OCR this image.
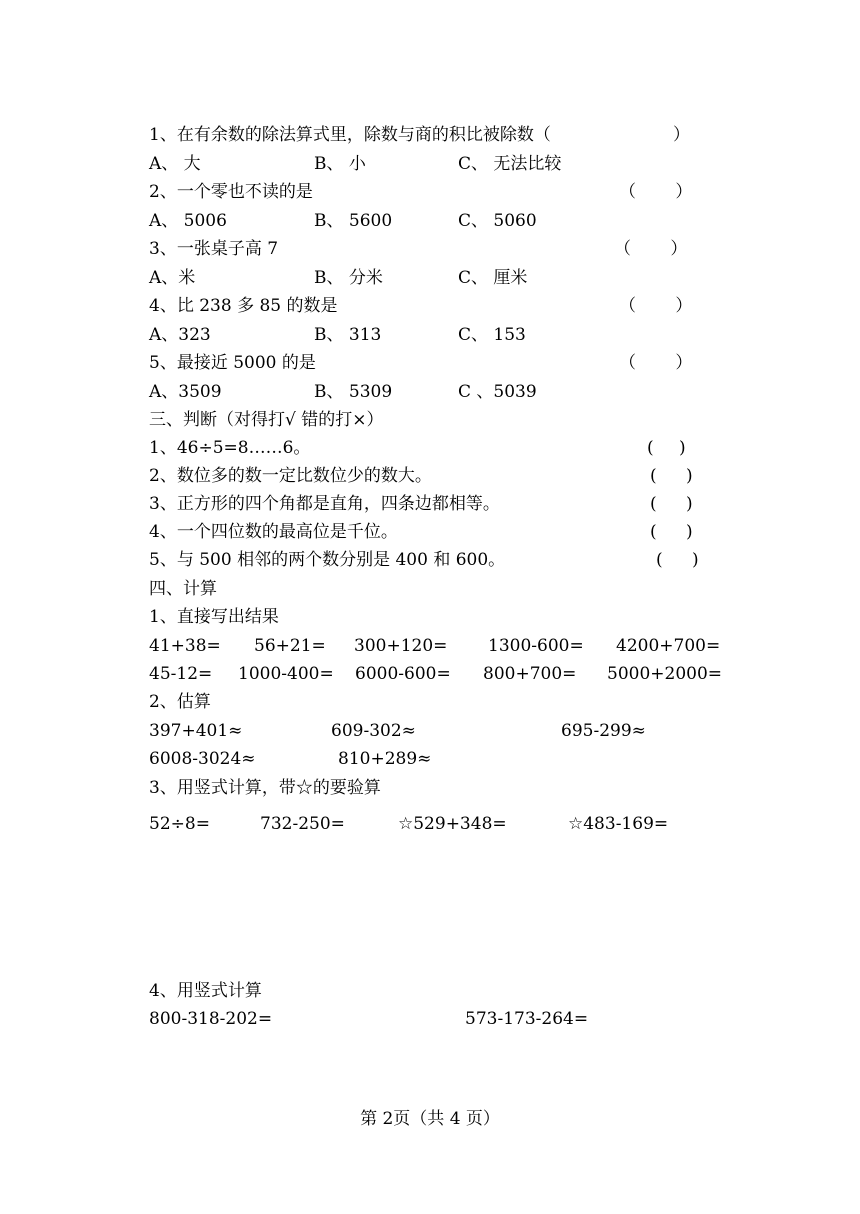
1、在有余数的除法算式里，除数与商的积比被除数（	）
A、 大	B、 小	C、 无法比较
2、一个零也不读的是	（ ）
A、 5006	B、 5600	C、 5060
3、一张桌子高 7	（ ）
A、米	B、 分米	C、 厘米
4、比 238 多 85 的数是	（ ）
A、323	B、 313	C、 153
5、最接近 5000 的是	（ ）
A、3509	B、 5309	C 、5039
三、判断（对得打√ 错的打×）
1、46÷5=8……6。	( )
2、数位多的数一定比数位少的数大。	( )
3、正方形的四个角都是直角，四条边都相等。	( )
4、一个四位数的最高位是千位。	( )
5、与 500 相邻的两个数分别是 400 和 600。	( )
四、计算
1、直接写出结果
41+38= 56+21= 300+120= 1300-600= 4200+700=
45-12= 1000-400= 6000-600= 800+700= 5000+2000=
2、估算
397+401≈	609-302≈	695-299≈
6008-3024≈	810+289≈
3、用竖式计算，带☆的要验算
52÷8=	732-250=	☆529+348=	☆483-169=
4、用竖式计算
800-318-202=	573-173-264=
第 2页（共 4 页）
